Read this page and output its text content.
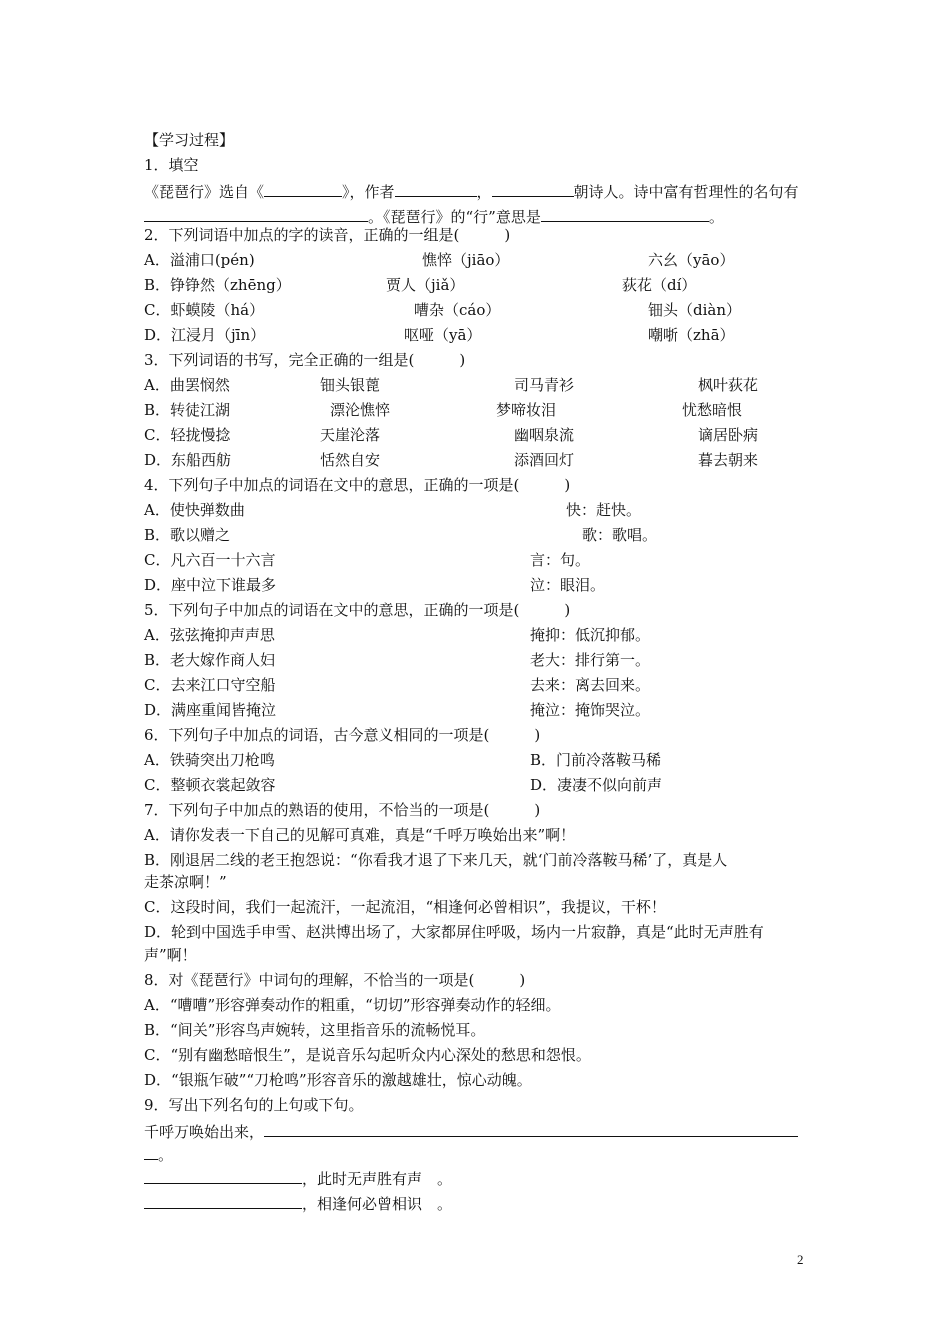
【学习过程】
1．填空
《琵琶行》选自《	》，作者	，	朝诗人。诗中富有哲理性的名句有
。《琵琶行》的“行”意思是	。
2．下列词语中加点的字的读音，正确的一组是(　　　)
A．溢浦口(pén)	憔悴（jiāo）	六幺（yāo）
B．铮铮然（zhēng）	贾人（jiǎ）	荻花（dí）
C．虾蟆陵（há）	嘈杂（cáo）	钿头（diàn）
D．江浸月（jīn）	呕哑（yā）	嘲哳（zhā）
3．下列词语的书写，完全正确的一组是(　　　)
A．曲罢悯然	钿头银蓖	司马青衫	枫叶荻花
B．转徒江湖	漂沦憔悴	梦啼妆泪	忧愁暗恨
C．轻拢慢捻	天崖沦落	幽咽泉流	谪居卧病
D．东船西舫	恬然自安	添酒回灯	暮去朝来
4．下列句子中加点的词语在文中的意思，正确的一项是(　　　)
A．使快弹数曲	快：赶快。
B．歌以赠之	歌：歌唱。
C．凡六百一十六言	言：句。
D．座中泣下谁最多	泣：眼泪。
5．下列句子中加点的词语在文中的意思，正确的一项是(　　　)
A．弦弦掩抑声声思	掩抑：低沉抑郁。
B．老大嫁作商人妇	老大：排行第一。
C．去来江口守空船	去来：离去回来。
D．满座重闻皆掩泣	掩泣：掩饰哭泣。
6．下列句子中加点的词语，古今意义相同的一项是(　　　)
A．铁骑突出刀枪鸣	B．门前冷落鞍马稀
C．整顿衣裳起敛容	D．凄凄不似向前声
7．下列句子中加点的熟语的使用，不恰当的一项是(　　　)
A．请你发表一下自己的见解可真难，真是“千呼万唤始出来”啊！
B．刚退居二线的老王抱怨说：“你看我才退了下来几天，就‘门前冷落鞍马稀’了，真是人
走茶凉啊！”
C．这段时间，我们一起流汗，一起流泪，“相逢何必曾相识”，我提议，干杯！
D．轮到中国选手申雪、赵洪博出场了，大家都屏住呼吸，场内一片寂静，真是“此时无声胜有
声”啊！
8．对《琵琶行》中词句的理解，不恰当的一项是(　　　)
A．“嘈嘈”形容弹奏动作的粗重，“切切”形容弹奏动作的轻细。
B．“间关”形容鸟声婉转，这里指音乐的流畅悦耳。
C．“别有幽愁暗恨生”，是说音乐勾起听众内心深处的愁思和怨恨。
D．“银瓶乍破”“刀枪鸣”形容音乐的激越雄壮，惊心动魄。
9．写出下列名句的上句或下句。
千呼万唤始出来，
。
，此时无声胜有声　。
，相逢何必曾相识　。
2
